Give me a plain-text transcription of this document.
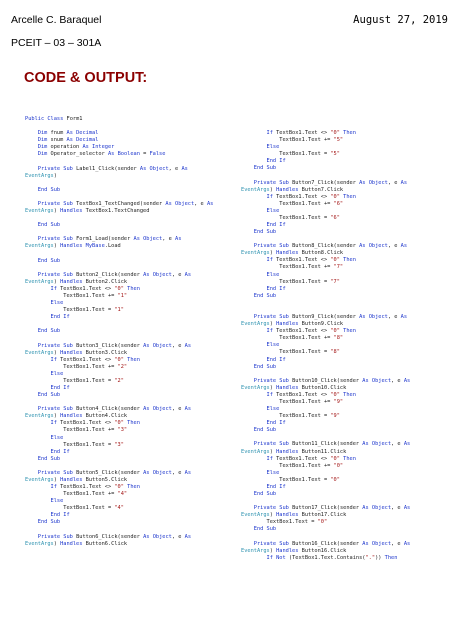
Arcelle C. Baraquel	August 27, 2019
PCEIT – 03 – 301A
CODE & OUTPUT:
Public Class Form1

Dim fnum As Decimal
Dim snum As Decimal
Dim operation As Integer
Dim Operator_selector As Boolean = False

Private Sub Label1_Click(sender As Object, e As
EventArgs)

End Sub

Private Sub TextBox1_TextChanged(sender As Object, e As
EventArgs) Handles TextBox1.TextChanged

End Sub

Private Sub Form1_Load(sender As Object, e As
EventArgs) Handles MyBase.Load

End Sub

Private Sub Button2_Click(sender As Object, e As
EventArgs) Handles Button2.Click
If TextBox1.Text <> "0" Then
TextBox1.Text += "1"
Else
TextBox1.Text = "1"
End If

End Sub

Private Sub Button3_Click(sender As Object, e As
EventArgs) Handles Button3.Click
If TextBox1.Text <> "0" Then
TextBox1.Text += "2"
Else
TextBox1.Text = "2"
End If
End Sub

Private Sub Button4_Click(sender As Object, e As
EventArgs) Handles Button4.Click
If TextBox1.Text <> "0" Then
TextBox1.Text += "3"
Else
TextBox1.Text = "3"
End If
End Sub

Private Sub Button5_Click(sender As Object, e As
EventArgs) Handles Button5.Click
If TextBox1.Text <> "0" Then
TextBox1.Text += "4"
Else
TextBox1.Text = "4"
End If
End Sub

Private Sub Button6_Click(sender As Object, e As
EventArgs) Handles Button6.Click
If TextBox1.Text <> "0" Then
TextBox1.Text += "5"
Else
TextBox1.Text = "5"
End If
End Sub

Private Sub Button7_Click(sender As Object, e As
EventArgs) Handles Button7.Click
If TextBox1.Text <> "0" Then
TextBox1.Text += "6"
Else
TextBox1.Text = "6"
End If
End Sub

Private Sub Button8_Click(sender As Object, e As
EventArgs) Handles Button8.Click
If TextBox1.Text <> "0" Then
TextBox1.Text += "7"
Else
TextBox1.Text = "7"
End If
End Sub

Private Sub Button9_Click(sender As Object, e As
EventArgs) Handles Button9.Click
If TextBox1.Text <> "0" Then
TextBox1.Text += "8"
Else
TextBox1.Text = "8"
End If
End Sub

Private Sub Button10_Click(sender As Object, e As
EventArgs) Handles Button10.Click
If TextBox1.Text <> "0" Then
TextBox1.Text += "9"
Else
TextBox1.Text = "9"
End If
End Sub

Private Sub Button11_Click(sender As Object, e As
EventArgs) Handles Button11.Click
If TextBox1.Text <> "0" Then
TextBox1.Text += "0"
Else
TextBox1.Text = "0"
End If
End Sub

Private Sub Button17_Click(sender As Object, e As
EventArgs) Handles Button17.Click
TextBox1.Text = "0"
End Sub

Private Sub Button16_Click(sender As Object, e As
EventArgs) Handles Button16.Click
If Not (TextBox1.Text.Contains(".")) Then
